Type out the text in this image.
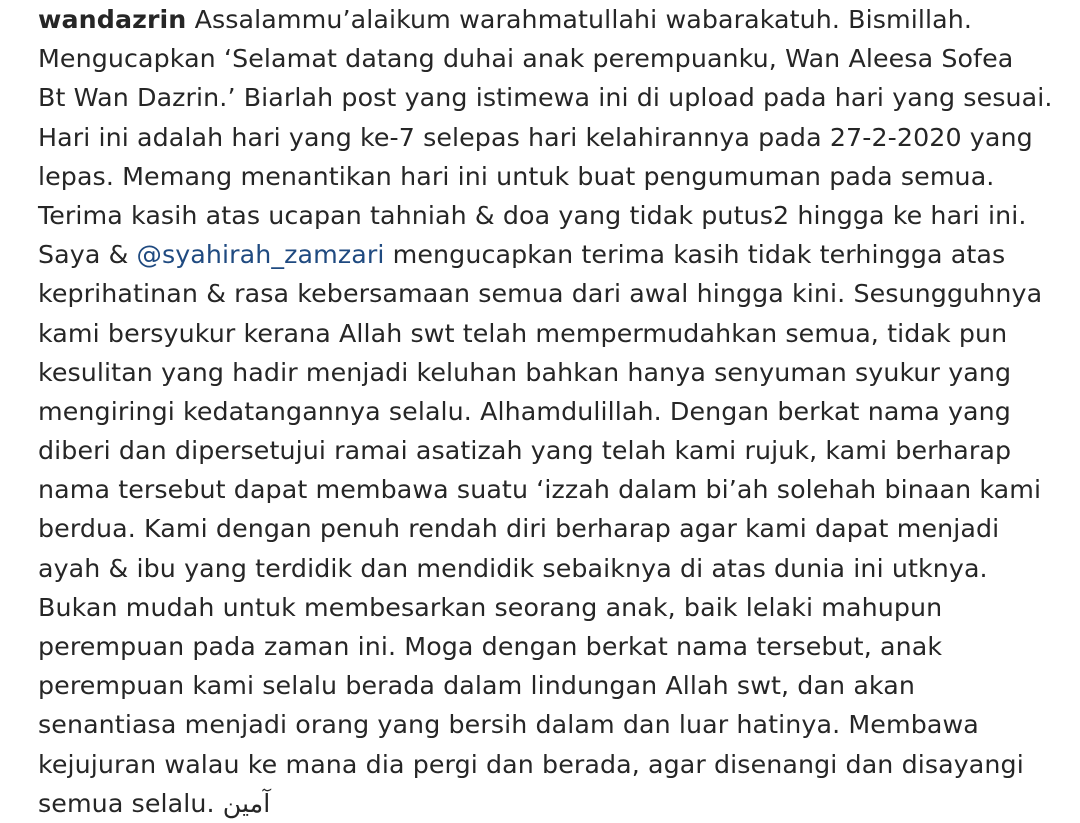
wandazrin Assalammu’alaikum warahmatullahi wabarakatuh. Bismillah.
Mengucapkan ‘Selamat datang duhai anak perempuanku, Wan Aleesa Sofea
Bt Wan Dazrin.’ Biarlah post yang istimewa ini di upload pada hari yang sesuai.
Hari ini adalah hari yang ke-7 selepas hari kelahirannya pada 27-2-2020 yang
lepas. Memang menantikan hari ini untuk buat pengumuman pada semua.
Terima kasih atas ucapan tahniah & doa yang tidak putus2 hingga ke hari ini.
Saya & @syahirah_zamzari mengucapkan terima kasih tidak terhingga atas
keprihatinan & rasa kebersamaan semua dari awal hingga kini. Sesungguhnya
kami bersyukur kerana Allah swt telah mempermudahkan semua, tidak pun
kesulitan yang hadir menjadi keluhan bahkan hanya senyuman syukur yang
mengiringi kedatangannya selalu. Alhamdulillah. Dengan berkat nama yang
diberi dan dipersetujui ramai asatizah yang telah kami rujuk, kami berharap
nama tersebut dapat membawa suatu ‘izzah dalam bi’ah solehah binaan kami
berdua. Kami dengan penuh rendah diri berharap agar kami dapat menjadi
ayah & ibu yang terdidik dan mendidik sebaiknya di atas dunia ini utknya.
Bukan mudah untuk membesarkan seorang anak, baik lelaki mahupun
perempuan pada zaman ini. Moga dengan berkat nama tersebut, anak
perempuan kami selalu berada dalam lindungan Allah swt, dan akan
senantiasa menjadi orang yang bersih dalam dan luar hatinya. Membawa
kejujuran walau ke mana dia pergi dan berada, agar disenangi dan disayangi
semua selalu. آمين
